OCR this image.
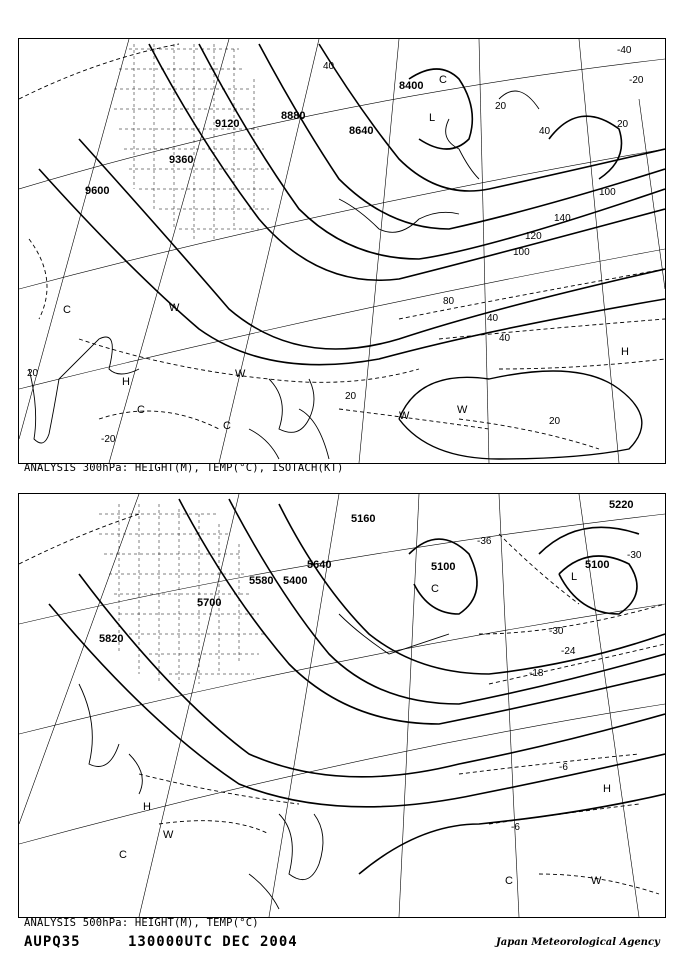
9120
8880
8640
8400
9360
9600
40
80
100
120
140
100
40
40
20
20
20
40
20
20
-40
-20
-20
C
L
W
W
W	W
H
H
C
C
C
ANALYSIS 300hPa: HEIGHT(M), TEMP(°C), ISOTACH(KT)
5160
5100	5100
5220
5580 5400
5640
5700
5820
-36
-30
-30
-24
-18
-6
-6
C
L
H
W
C
H
C	W
ANALYSIS 500hPa: HEIGHT(M), TEMP(°C)
AUPQ35	130000UTC DEC 2004	Japan Meteorological Agency
